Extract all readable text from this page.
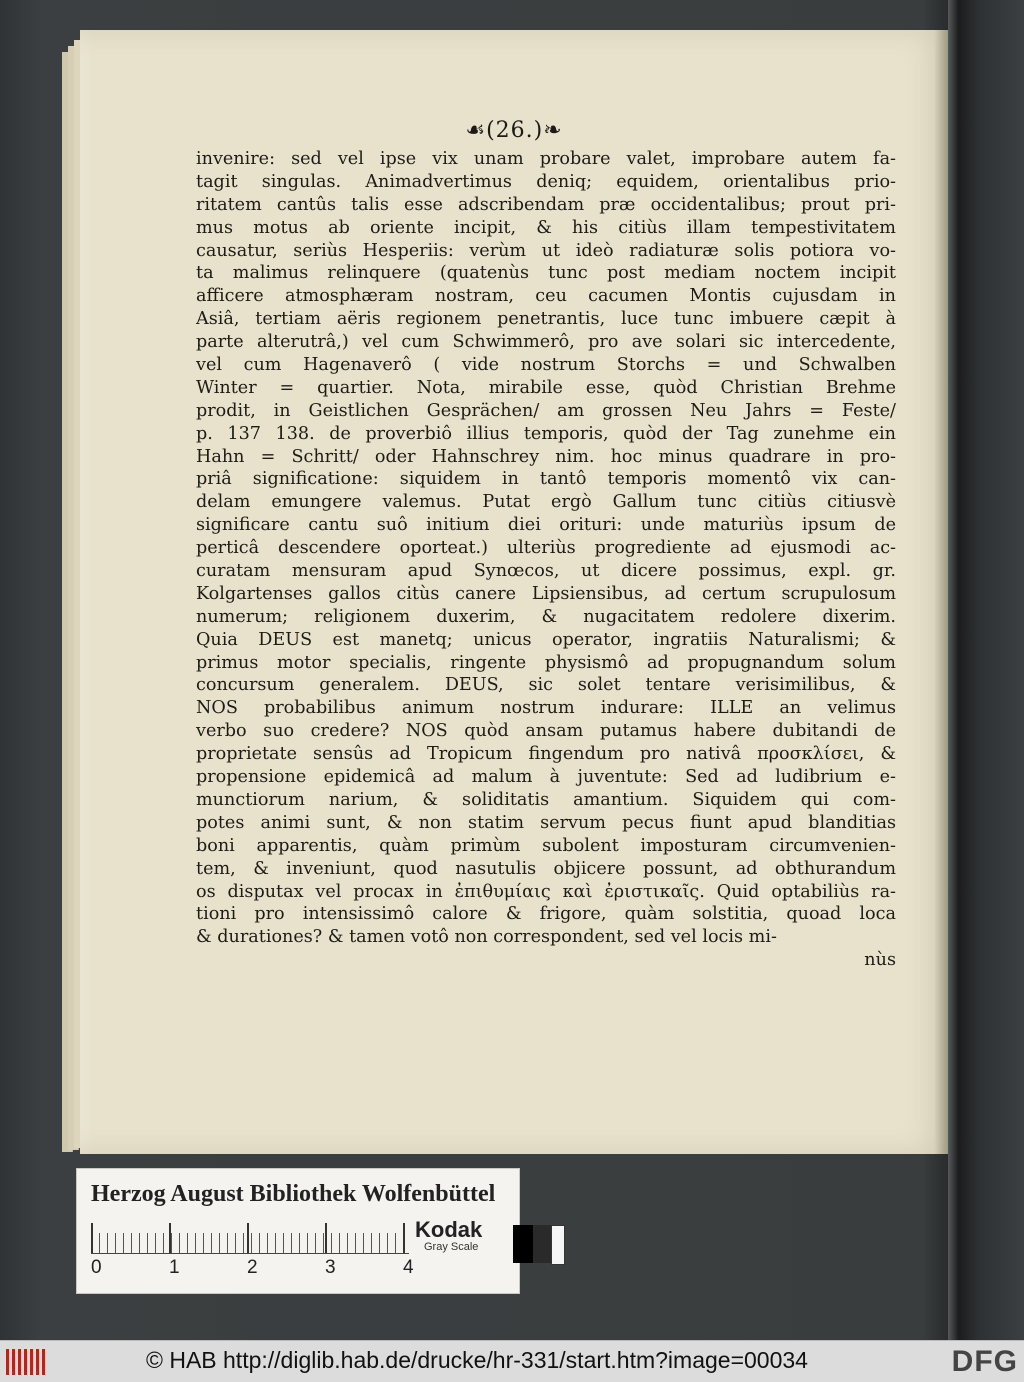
☙(26.)❧
invenire: sed vel ipse vix unam probare valet, improbare autem fa-
tagit singulas. Animadvertimus deniq; equidem, orientalibus prio-
ritatem cantûs talis esse adscribendam præ occidentalibus; prout pri-
mus motus ab oriente incipit, & his citiùs illam tempestivitatem
causatur, seriùs Hesperiis: verùm ut ideò radiaturæ solis potiora vo-
ta malimus relinquere (quatenùs tunc post mediam noctem incipit
afficere atmosphæram nostram, ceu cacumen Montis cujusdam in
Asiâ, tertiam aëris regionem penetrantis, luce tunc imbuere cæpit à
parte alterutrâ,) vel cum Schwimmerô, pro ave solari sic intercedente,
vel cum Hagenaverô ( vide nostrum Storchs = und Schwalben
Winter = quartier. Nota, mirabile esse, quòd Christian Brehme
prodit, in Geistlichen Gesprächen/ am grossen Neu Jahrs = Feste/
p. 137 138. de proverbiô illius temporis, quòd der Tag zunehme ein
Hahn = Schritt/ oder Hahnschrey nim. hoc minus quadrare in pro-
priâ significatione: siquidem in tantô temporis momentô vix can-
delam emungere valemus. Putat ergò Gallum tunc citiùs citiusvè
significare cantu suô initium diei orituri: unde maturiùs ipsum de
perticâ descendere oporteat.) ulteriùs progrediente ad ejusmodi ac-
curatam mensuram apud Synœcos, ut dicere possimus, expl. gr.
Kolgartenses gallos citùs canere Lipsiensibus, ad certum scrupulosum
numerum; religionem duxerim, & nugacitatem redolere dixerim.
Quia DEUS est manetq; unicus operator, ingratiis Naturalismi; &
primus motor specialis, ringente physismô ad propugnandum solum
concursum generalem. DEUS, sic solet tentare verisimilibus, &
NOS probabilibus animum nostrum indurare: ILLE an velimus
verbo suo credere? NOS quòd ansam putamus habere dubitandi de
proprietate sensûs ad Tropicum fingendum pro nativâ προσκλίσει, &
propensione epidemicâ ad malum à juventute: Sed ad ludibrium e-
munctiorum narium, & soliditatis amantium. Siquidem qui com-
potes animi sunt, & non statim servum pecus fiunt apud blanditias
boni apparentis, quàm primùm subolent imposturam circumvenien-
tem, & inveniunt, quod nasutulis objicere possunt, ad obthurandum
os disputax vel procax in ἐπιθυμίαις καὶ ἐριστικαῖς. Quid optabiliùs ra-
tioni pro intensissimô calore & frigore, quàm solstitia, quoad loca
& durationes? & tamen votô non correspondent, sed vel locis mi-
nùs
Herzog August Bibliothek Wolfenbüttel
0	1	2	3	4
Kodak
Gray Scale
© HAB http://diglib.hab.de/drucke/hr-331/start.htm?image=00034	DFG
